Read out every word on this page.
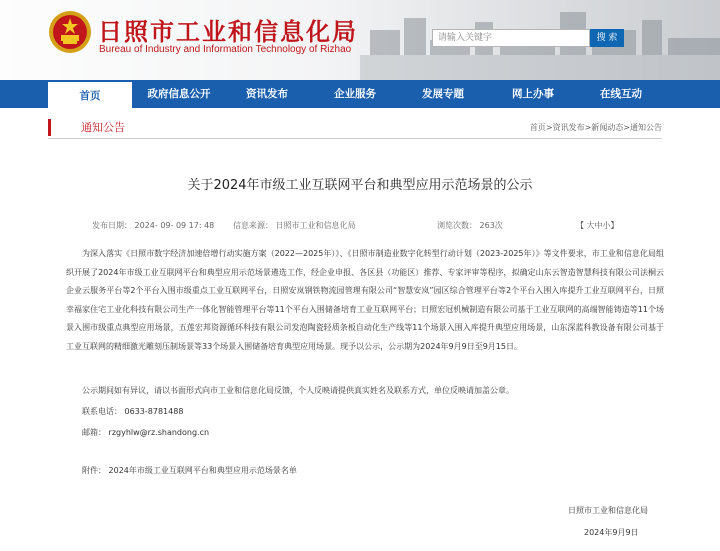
日照市工业和信息化局
Bureau of Industry and Information Technology of Rizhao
请输入关键字	搜 索
首页	政府信息公开	资讯发布	企业服务	发展专题	网上办事	在线互动
通知公告	首页>资讯发布>新闻动态>通知公告
关于2024年市级工业互联网平台和典型应用示范场景的公示
发布日期： 2024- 09- 09 17: 48 信息来源： 日照市工业和信息化局	浏览次数： 263次	【 大中小】
为深入落实《日照市数字经济加速倍增行动实施方案（2022—2025年）》、《日照市制造业数字化转型行动计划（2023-2025年）》等文件要求，市工业和信息化局组织开展了2024年市级工业互联网平台和典型应用示范场景遴选工作，经企业申报、各区县（功能区）推荐、专家评审等程序，拟确定山东云智造智慧科技有限公司法桐云企业云服务平台等2个平台入围市级重点工业互联网平台，日照安岚钢铁物流园管理有限公司“智慧安岚”园区综合管理平台等2个平台入围入库提升工业互联网平台，日照幸福家住宅工业化科技有限公司生产一体化智能管理平台等11个平台入围储备培育工业互联网平台；日照宏冠机械制造有限公司基于工业互联网的高端智能铸造等11个场景入围市级重点典型应用场景，五莲宏邦资源循环科技有限公司发泡陶瓷轻质条板自动化生产线等11个场景入围入库提升典型应用场景，山东深蓝科教设备有限公司基于工业互联网的精细激光雕刻压制场景等33个场景入围储备培育典型应用场景。现予以公示，公示期为2024年9月9日至9月15日。
公示期间如有异议，请以书面形式向市工业和信息化局反馈，个人反映请提供真实姓名及联系方式，单位反映请加盖公章。
联系电话： 0633-8781488
邮箱： rzgyhlw@rz.shandong.cn
附件： 2024年市级工业互联网平台和典型应用示范场景名单
日照市工业和信息化局
2024年9月9日
